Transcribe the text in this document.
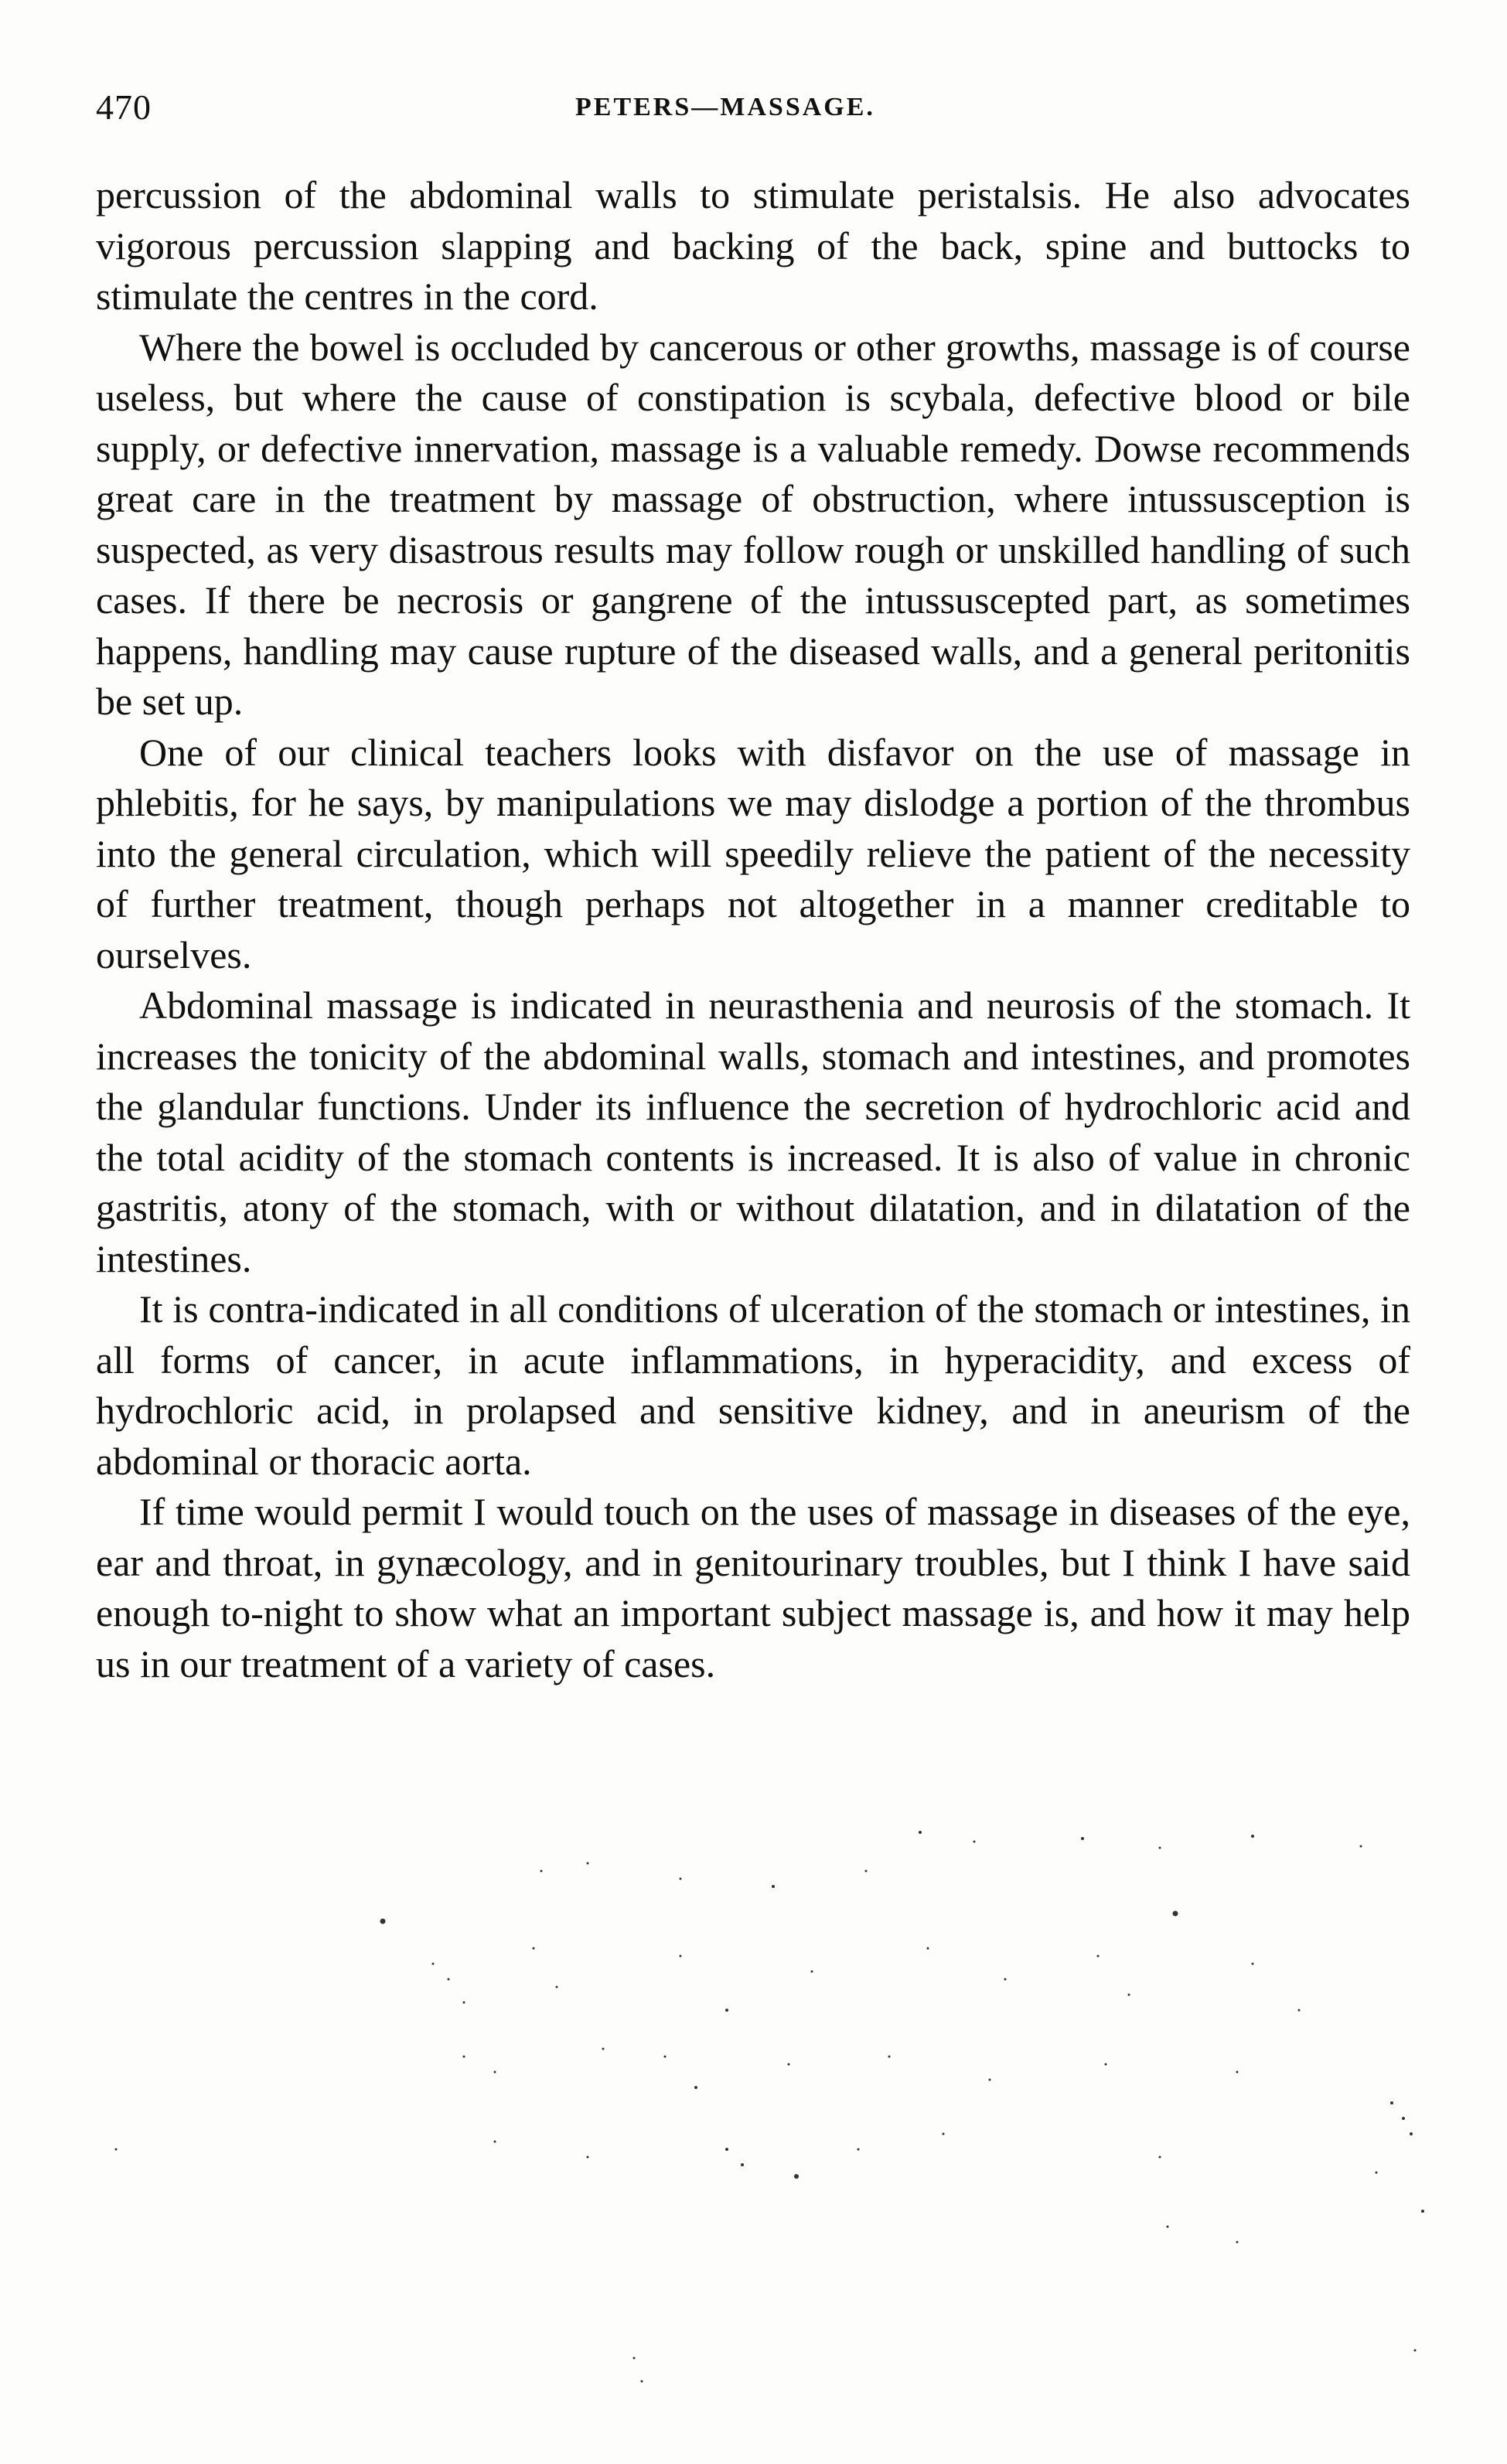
470	PETERS—MASSAGE.

percussion of the abdominal walls to stimulate peristalsis. He also advocates vigorous percussion slapping and backing of the back, spine and buttocks to stimulate the centres in the cord.

Where the bowel is occluded by cancerous or other growths, massage is of course useless, but where the cause of constipation is scybala, defective blood or bile supply, or defective innervation, massage is a valuable remedy. Dowse recommends great care in the treatment by massage of obstruction, where intussusception is suspected, as very disastrous results may follow rough or unskilled handling of such cases. If there be necrosis or gangrene of the intussuscepted part, as sometimes happens, handling may cause rupture of the diseased walls, and a general peritonitis be set up.

One of our clinical teachers looks with disfavor on the use of massage in phlebitis, for he says, by manipulations we may dislodge a portion of the thrombus into the general circulation, which will speedily relieve the patient of the necessity of further treatment, though perhaps not altogether in a manner creditable to ourselves.

Abdominal massage is indicated in neurasthenia and neurosis of the stomach. It increases the tonicity of the abdominal walls, stomach and intestines, and promotes the glandular functions. Under its influence the secretion of hydrochloric acid and the total acidity of the stomach contents is increased. It is also of value in chronic gastritis, atony of the stomach, with or without dilatation, and in dilatation of the intestines.

It is contra-indicated in all conditions of ulceration of the stomach or intestines, in all forms of cancer, in acute inflammations, in hyperacidity, and excess of hydrochloric acid, in prolapsed and sensitive kidney, and in aneurism of the abdominal or thoracic aorta.

If time would permit I would touch on the uses of massage in diseases of the eye, ear and throat, in gynæcology, and in genitourinary troubles, but I think I have said enough to-night to show what an important subject massage is, and how it may help us in our treatment of a variety of cases.
